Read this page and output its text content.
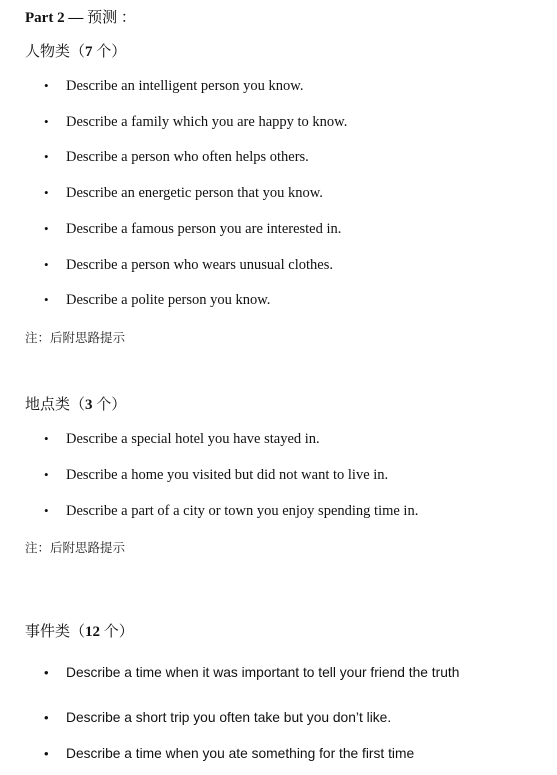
Part 2 — 预测 ：
人物类（7 个）
•	Describe an intelligent person you know.
•	Describe a family which you are happy to know.
•	Describe a person who often helps others.
•	Describe an energetic person that you know.
•	Describe a famous person you are interested in.
•	Describe a person who wears unusual clothes.
•	Describe a polite person you know.
注：后附思路提示
地点类（3 个）
•	Describe a special hotel you have stayed in.
•	Describe a home you visited but did not want to live in.
•	Describe a part of a city or town you enjoy spending time in.
注：后附思路提示
事件类（12 个）
•	Describe a time when it was important to tell your friend the truth
•	Describe a short trip you often take but you don’t like.
•	Describe a time when you ate something for the first time
